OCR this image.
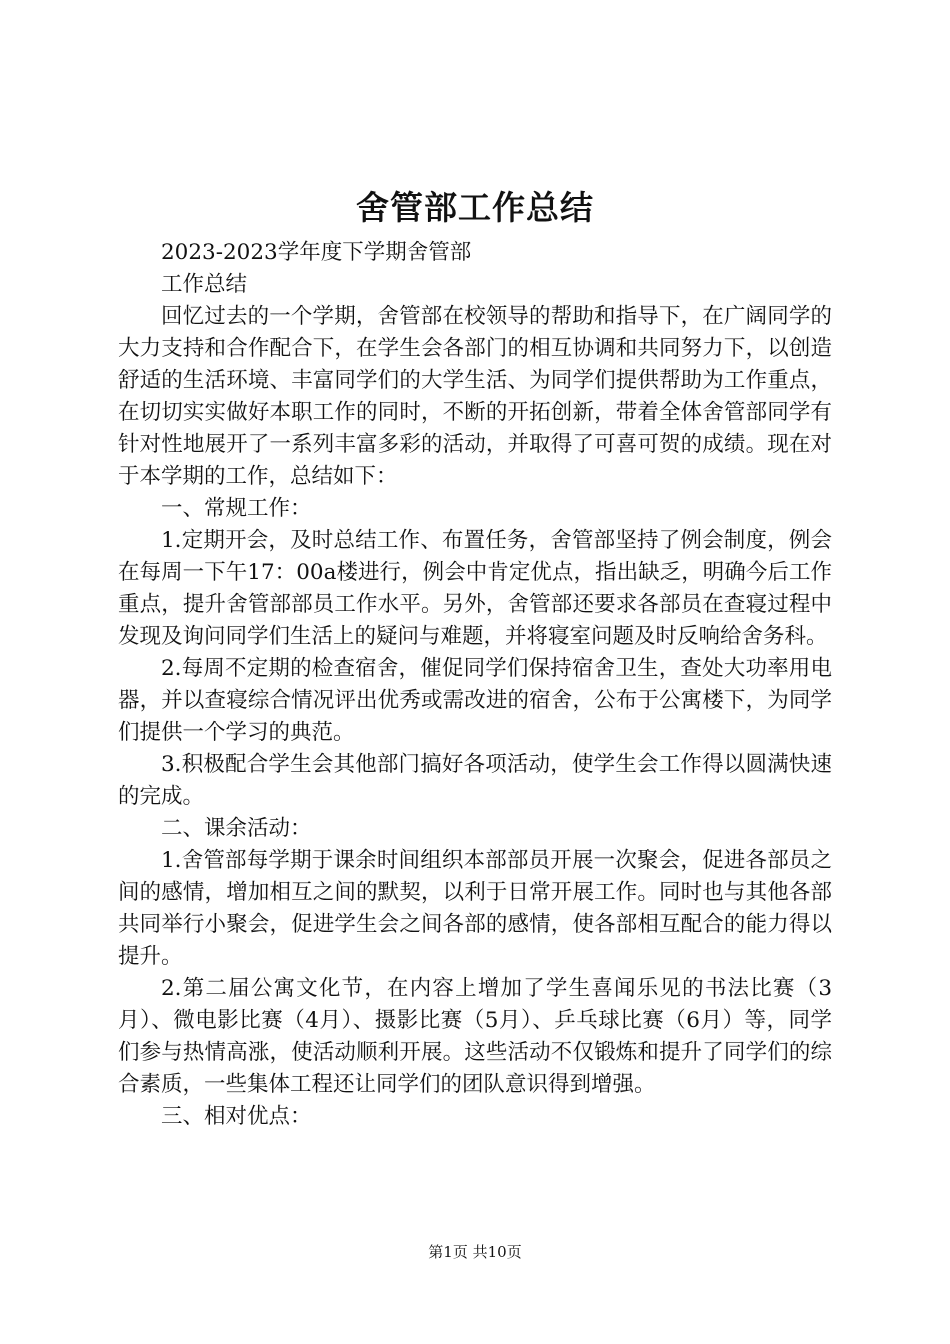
舍管部工作总结

2023-2023学年度下学期舍管部

工作总结

回忆过去的一个学期，舍管部在校领导的帮助和指导下，在广阔同学的大力支持和合作配合下，在学生会各部门的相互协调和共同努力下，以创造舒适的生活环境、丰富同学们的大学生活、为同学们提供帮助为工作重点，在切切实实做好本职工作的同时，不断的开拓创新，带着全体舍管部同学有针对性地展开了一系列丰富多彩的活动，并取得了可喜可贺的成绩。现在对于本学期的工作，总结如下：

一、常规工作：

1.定期开会，及时总结工作、布置任务，舍管部坚持了例会制度，例会在每周一下午17：00a楼进行，例会中肯定优点，指出缺乏，明确今后工作重点，提升舍管部部员工作水平。另外，舍管部还要求各部员在查寝过程中发现及询问同学们生活上的疑问与难题，并将寝室问题及时反响给舍务科。

2.每周不定期的检查宿舍，催促同学们保持宿舍卫生，查处大功率用电器，并以查寝综合情况评出优秀或需改进的宿舍，公布于公寓楼下，为同学们提供一个学习的典范。

3.积极配合学生会其他部门搞好各项活动，使学生会工作得以圆满快速的完成。

二、课余活动：

1.舍管部每学期于课余时间组织本部部员开展一次聚会，促进各部员之间的感情，增加相互之间的默契，以利于日常开展工作。同时也与其他各部共同举行小聚会，促进学生会之间各部的感情，使各部相互配合的能力得以提升。

2.第二届公寓文化节，在内容上增加了学生喜闻乐见的书法比赛（3月）、微电影比赛（4月）、摄影比赛（5月）、乒乓球比赛（6月）等，同学们参与热情高涨，使活动顺利开展。这些活动不仅锻炼和提升了同学们的综合素质，一些集体工程还让同学们的团队意识得到增强。

三、相对优点：

第1页 共10页
